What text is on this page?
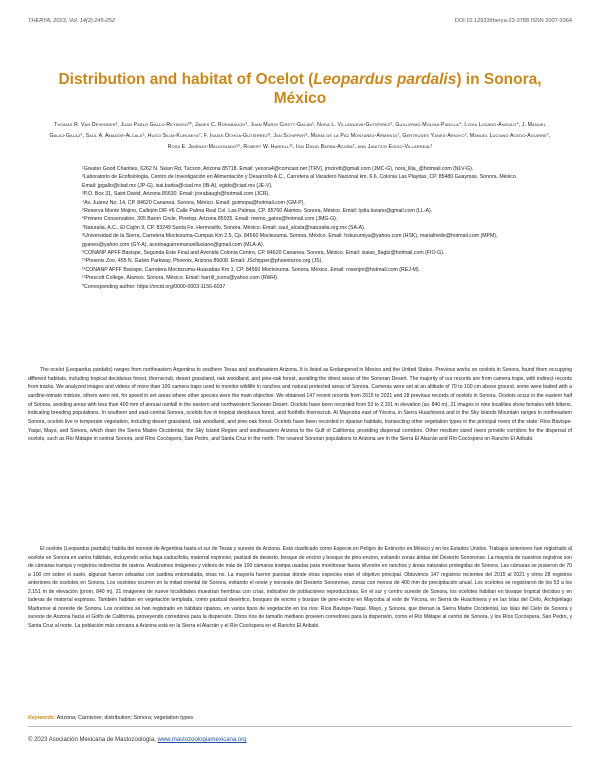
THERYA, 2023, Vol. 14(2):245-252	DOI:10.12933/therya-23-3788 ISSN 2007-3364
Distribution and habitat of Ocelot (Leopardus pardalis) in Sonora, México
Thomas R. Van Devender¹, Juan Pablo Gallo-Reynoso²*, James C. Rorabaugh³, Juan Mario Cirett-Galán¹, Nora L. Villanueva-Gutiérrez¹, Guillermo Molina-Padilla⁴, Lydia Lozano-Angulo⁴, J. Manuel Galaz-Galaz⁵, Saúl A. Amador-Alcalá⁶, Hugo Silva-Kurumiya⁷, F. Isaías Ochoa-Gutiérrez⁸, Jan Schipper⁹, María de la Paz Montañez-Armenta⁷, Gertrudes Yanes-Arvayo⁷, Manuel Luciano Acedo-Aguirre⁷, Rosa E. Jiménez-Maldonado¹⁰, Robert W. Harrill¹¹, Isai David Barba-Acuña², and Janitzio Egido-Villarreal²
¹Greater Good Charities, 6262 N. Swan Rd, Tucson, Arizona 85718. Email: yecora4@comcast.net (TRV), jmcirett@gmail.com (JMC-G), nora_lilia_@hotmail.com (NLV-G).
²Laboratorio de Ecofisiología, Centro de Investigación en Alimentación y Desarrollo A.C., Carretera al Varadero Nacional km. 6.6, Colonia Las Playitas, CP. 85480 Guaymas. Sonora, México. Email: jpgallo@ciad.mx (JP-G), isai.barba@ciad.mx (IB-A), egido@ciad.mx (JE-V).
³P.O. Box 31, Saint David, Arizona 85630. Email: jrorabaugh@hotmail.com (JCR).
⁴Av. Juárez No. 14, CP. 84620 Cananea. Sonora, México. Email: guimopa@hotmail.com (GM-P).
⁵Reserva Monte Mojino, Callejón DIF #6 Calle Palma Real Col. Las Palmas, CP. 85760 Álamos. Sonora, México. Email: lydia.lozano@gmail.com (LL-A).
⁶Primero Conservation, 305 Baron Circle, Pinetop, Arizona 85935. Email: memo_gatos@hotmail.com (JMG-G).
⁷Naturalia, A.C., El Cajón 9, CP. 83249 Santa Fe. Hermosillo, Sonora, México. Email: saul_alcala@naturalia.org.mx (SA-A).
⁸Universidad de la Sierra, Carretera Moctezuma-Cumpas Km 2.5, Cp. 84560 Moctezuma. Sonora, México. Email: hskurumiya@yahoo.com (HSK), mariafriede@hotmail.com (MPM), gyanes@yahoo.com (GY-A), acedoaguirremanuelluciano@gmail.com (MLA-A).
⁹CONANP APFF Bavispe, Segunda Este Final and Avenida Colonia Centro, CP. 84620 Cananea. Sonora, México. Email: isaias_8agtz@hotmail.com (FIO-G).
¹⁰Phoenix Zoo, 455 N. Galvin Parkway, Phoenix, Arizona 85008. Email: JSchipper@phoenixzoo.org (JS).
¹¹CONANP APFF Bavispe, Carretera Moctezuma-Huásabas Km 1, CP. 84560 Moctezuma. Sonora, México. Email: rosenjm@hotmail.com (REJ-M).
¹²Prescott College, Álamos. Sonora, México. Email: harrill_icons@yahoo.com (RWH).
*Corresponding author: https://orcid.org/0000-0003-1156-6037

The ocelot (Leopardus pardalis) ranges from northeastern Argentina to southern Texas and southeastern Arizona. It is listed as Endangered in Mexico and the United States. Previous works on ocelots in Sonora, found them occupying different habitats, including tropical deciduous forest, thornscrub, desert grassland, oak woodland, and pine-oak forest, avoiding the driest areas of the Sonoran Desert. The majority of our records are from camera traps, with indirect records from tracks. We analyzed images and videos of more than 100 camera traps used to monitor wildlife in ranches and natural protected areas of Sonora. Cameras were set at an altitude of 70 to 100 cm above ground, some were baited with a sardine-tomato mixture, others were not, for speed in set areas where other species were the main objective. We obtained 147 recent records from 2015 to 2021 and 28 previous records of ocelots in Sonora. Ocelots occur in the eastern half of Sonora, avoiding areas with less than 400 mm of annual rainfall in the eastern and northwestern Sonoran Desert. Ocelots have been recorded from 53 to 2,151 m elevation (av. 840 m). 21 images in nine localities show females with kittens, indicating breeding populations. In southern and east-central Sonora, ocelots live in tropical deciduous forest, and foothills thornscrub. At Maycoba east of Yécora, in Sierra Huachinera and in the Sky Islands Mountain ranges in northeastern Sonora, ocelots live in temperate vegetation, including desert grassland, oak woodland, and pine-oak forest. Ocelots have been recorded in riparian habitats, transecting other vegetation types in the principal rivers of the state: Ríos Bavispe-Yaqui, Mayo, and Sonora, which drain the Sierra Madre Occidental, the Sky Island Region and southeastern Arizona to the Gulf of California, providing dispersal corridors. Other medium sized rivers provide corridors for the dispersal of ocelots, such as Río Mátape in central Sonora, and Ríos Cocóspera, San Pedro, and Santa Cruz in the north. The nearest Sonoran populations to Arizona are in the Sierra El Alacrán and Río Cocóspera on Rancho El Aribabi.

El ocelote (Leopardus pardalis) habita del noreste de Argentina hasta el sur de Texas y sureste de Arizona. Está clasificado como Especie en Peligro de Extinción en México y en los Estados Unidos. Trabajos anteriores han registrado al ocelote en Sonora en varios hábitats, incluyendo selva baja caducifolia, matorral espinoso, pastizal de desierto, bosque de encino y bosque de pino-encino, evitando zonas áridas del Desierto Sonorense. La mayoría de nuestros registros son de cámaras trampa y registros indirectos de rastros. Analizamos imágenes y videos de más de 100 cámaras trampa usadas para monitorear fauna silvestre en ranchos y áreas naturales protegidas de Sonora. Las cámaras se pusieron de 70 a 100 cm sobre el suelo, algunas fueron cebadas con sardina entomatada, otras no. La mayoría fueron puestas donde otras especies eran el objetivo principal. Obtuvimos 147 registros recientes del 2015 al 2021 y otros 28 registros anteriores de ocelotes en Sonora. Los ocelotes ocurren en la mitad oriental de Sonora, evitando el oeste y noroeste del Desierto Sonorense, zonas con menos de 400 mm de precipitación anual. Los ocelotes se registraron de los 53 a los 2,151 m de elevación (prom. 840 m). 21 imágenes de nueve localidades muestran hembras con crías, indicativo de poblaciones reproductoras. En el sur y centro sureste de Sonora, los ocelotes habitan en bosque tropical deciduo y en laderas de matorral espinoso. También habitan en vegetación templada, como pastizal desértico, bosques de encino y bosque de pino-encino en Maycoba al este de Yécora, en Sierra de Huachinera y en las Islas del Cielo, Archipiélago Madrense al noreste de Sonora. Los ocelotes se han registrado en hábitats riparios, en varios tipos de vegetación en los ríos: Ríos Bavispe-Yaqui, Mayo, y Sonora, que drenan la Sierra Madre Occidental, las Islas del Cielo de Sonora y sureste de Arizona hacia el Golfo de California, proveyendo corredores para la dispersión. Otros ríos de tamaño mediano proveen corredores para la dispersión, como el Río Mátape al centro de Sonora, y los Ríos Cocóspera, San Pedro, y Santa Cruz al norte. La población más cercana a Arizona está en la Sierra el Alacrán y el Río Cocóspera en el Rancho El Aribabi.

Keywords: Arizona; Carnivore; distribution; Sonora; vegetation types.
© 2023 Asociación Mexicana de Mastozoología, www.mastozoologiamexicana.org
